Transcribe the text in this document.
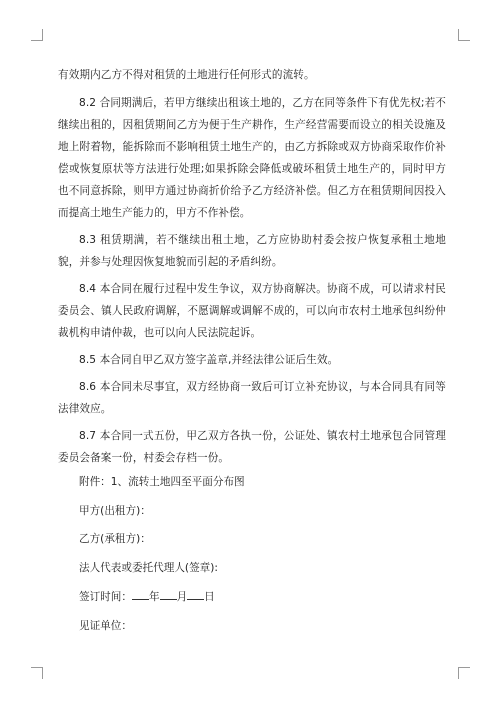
有效期内乙方不得对租赁的土地进行任何形式的流转。

8.2 合同期满后，若甲方继续出租该土地的，乙方在同等条件下有优先权;若不继续出租的，因租赁期间乙方为便于生产耕作，生产经营需要而设立的相关设施及地上附着物，能拆除而不影响租赁土地生产的，由乙方拆除或双方协商采取作价补偿或恢复原状等方法进行处理;如果拆除会降低或破坏租赁土地生产的，同时甲方也不同意拆除，则甲方通过协商折价给予乙方经济补偿。但乙方在租赁期间因投入而提高土地生产能力的，甲方不作补偿。

8.3 租赁期满，若不继续出租土地，乙方应协助村委会按户恢复承租土地地貌，并参与处理因恢复地貌而引起的矛盾纠纷。

8.4 本合同在履行过程中发生争议，双方协商解决。协商不成，可以请求村民委员会、镇人民政府调解，不愿调解或调解不成的，可以向市农村土地承包纠纷仲裁机构申请仲裁，也可以向人民法院起诉。

8.5 本合同自甲乙双方签字盖章,并经法律公证后生效。

8.6 本合同未尽事宜，双方经协商一致后可订立补充协议，与本合同具有同等法律效应。

8.7 本合同一式五份，甲乙双方各执一份，公证处、镇农村土地承包合同管理委员会备案一份，村委会存档一份。

附件：1、流转土地四至平面分布图
甲方(出租方)：
乙方(承租方)：
法人代表或委托代理人(签章):
签订时间： 年 月 日
见证单位：
